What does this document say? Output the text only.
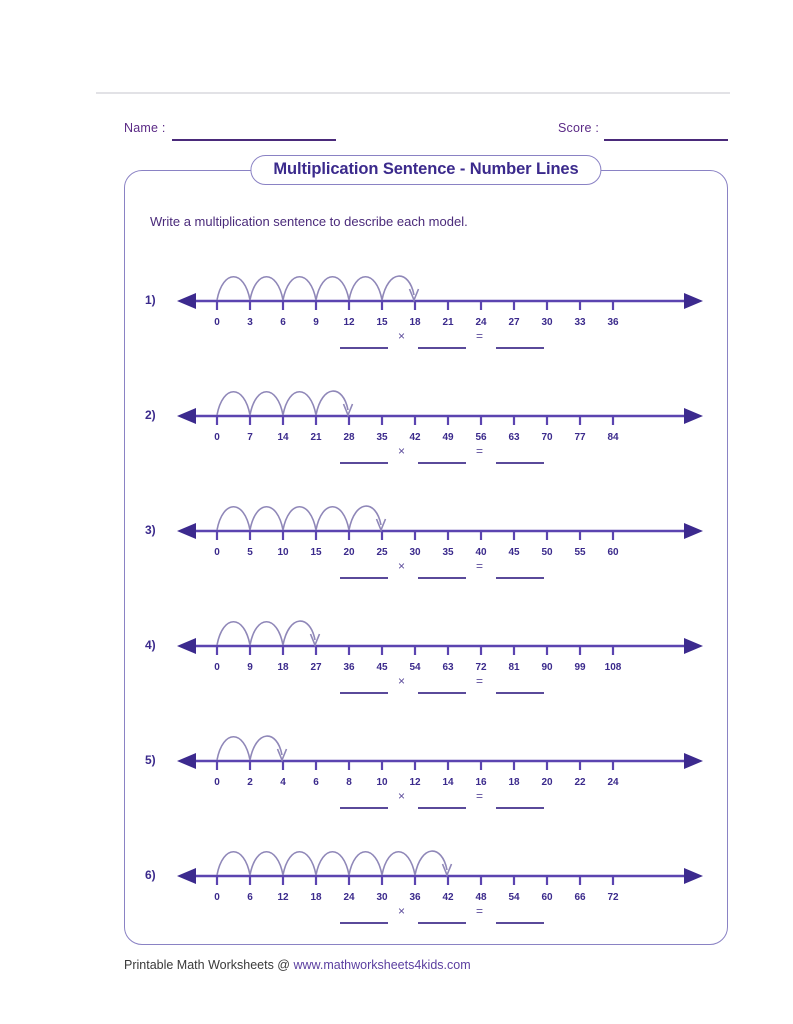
Name :	Score :
Multiplication Sentence - Number Lines
Write a multiplication sentence to describe each model.
1)
0	3	6	9 12 15 18 21 24 27 30 33 36
×	=
2)
0	7 14 21 28 35 42 49 56 63 70 77 84
×	=
3)
0	5 10 15 20 25 30 35 40 45 50 55 60
×	=
4)
0	9 18 27 36 45 54 63 72 81 90 99 108
×	=
5)
0	2	4	6	8 10 12 14 16 18 20 22 24
×	=
6)
0	6 12 18 24 30 36 42 48 54 60 66 72
×	=
Printable Math Worksheets @ www.mathworksheets4kids.com
